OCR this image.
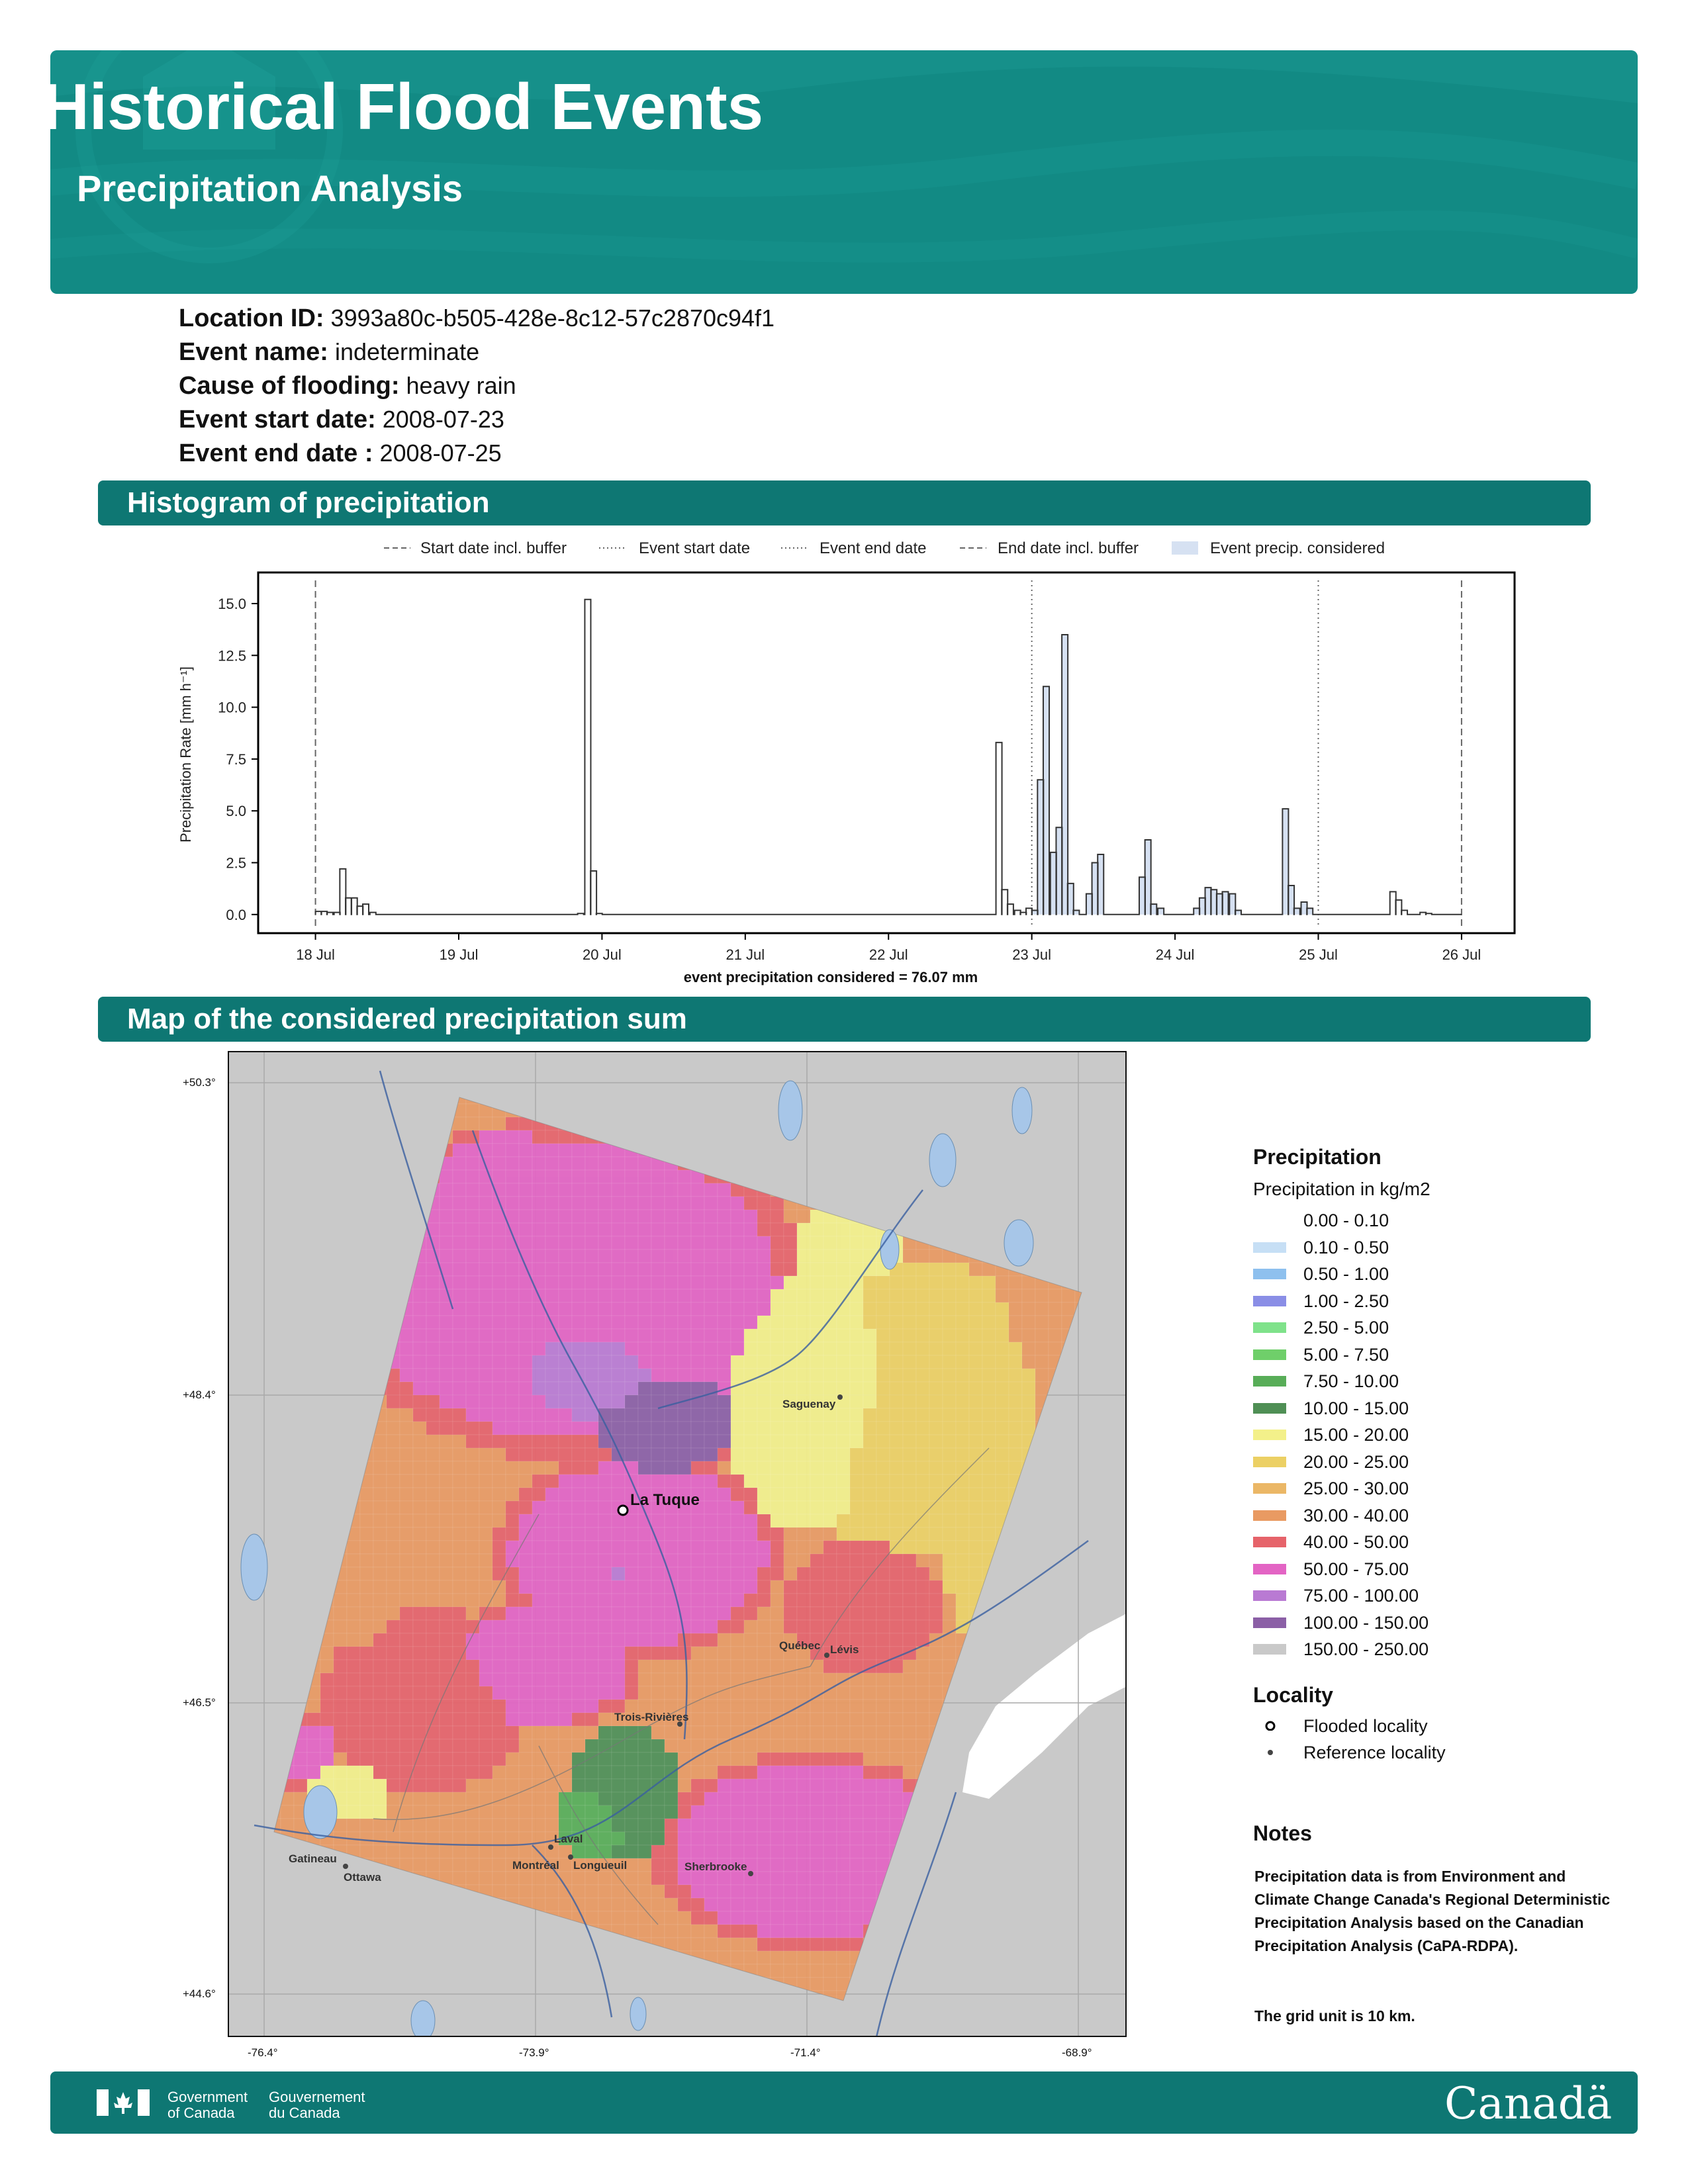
Historical Flood Events
Precipitation Analysis
Location ID: 3993a80c-b505-428e-8c12-57c2870c94f1
Event name: indeterminate
Cause of flooding: heavy rain
Event start date: 2008-07-23
Event end date : 2008-07-25
Histogram of precipitation
Start date incl. buffer	Event start date	Event end date	End date incl. buffer	Event precip. considered
0.0
2.5
5.0
7.5
10.0
12.5
15.0
18 Jul	19 Jul	20 Jul	21 Jul	22 Jul	23 Jul	24 Jul	25 Jul	26 Jul
Precipitation Rate [mm h⁻¹]
event precipitation considered = 76.07 mm
Map of the considered precipitation sum
La Tuque
Saguenay
Québec Lévis
Trois-Rivières
Gatineau
Ottawa
Laval
Montréal Longueuil	Sherbrooke
+50.3°
+48.4°
+46.5°
+44.6°
-76.4°	-73.9°	-71.4°	-68.9°
Precipitation
Precipitation in kg/m2
0.00 - 0.10
0.10 - 0.50
0.50 - 1.00
1.00 - 2.50
2.50 - 5.00
5.00 - 7.50
7.50 - 10.00
10.00 - 15.00
15.00 - 20.00
20.00 - 25.00
25.00 - 30.00
30.00 - 40.00
40.00 - 50.00
50.00 - 75.00
75.00 - 100.00
100.00 - 150.00
150.00 - 250.00
Locality
Flooded locality
Reference locality
Notes
Precipitation data is from Environment and Climate Change Canada's Regional Deterministic Precipitation Analysis based on the Canadian Precipitation Analysis (CaPA-RDPA).
The grid unit is 10 km.
Government
of Canada
Gouvernement
du Canada	Canadä
